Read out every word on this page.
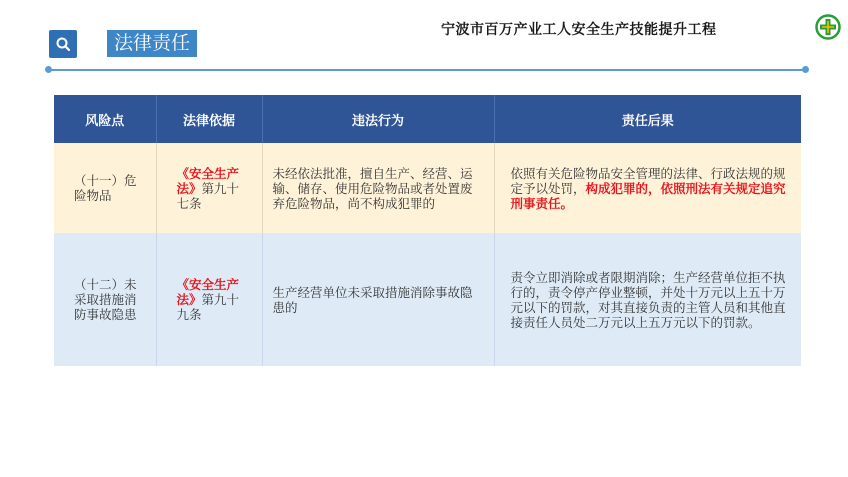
法律责任
宁波市百万产业工人安全生产技能提升工程
风险点	法律依据	违法行为	责任后果
（十一）危险物品	《安全生产法》第九十七条	未经依法批准，擅自生产、经营、运输、储存、使用危险物品或者处置废弃危险物品，尚不构成犯罪的	依照有关危险物品安全管理的法律、行政法规的规定予以处罚，构成犯罪的，依照刑法有关规定追究刑事责任。
（十二）未采取措施消防事故隐患	《安全生产法》第九十九条	生产经营单位未采取措施消除事故隐患的	责令立即消除或者限期消除；生产经营单位拒不执行的，责令停产停业整顿，并处十万元以上五十万元以下的罚款，对其直接负责的主管人员和其他直接责任人员处二万元以上五万元以下的罚款。
